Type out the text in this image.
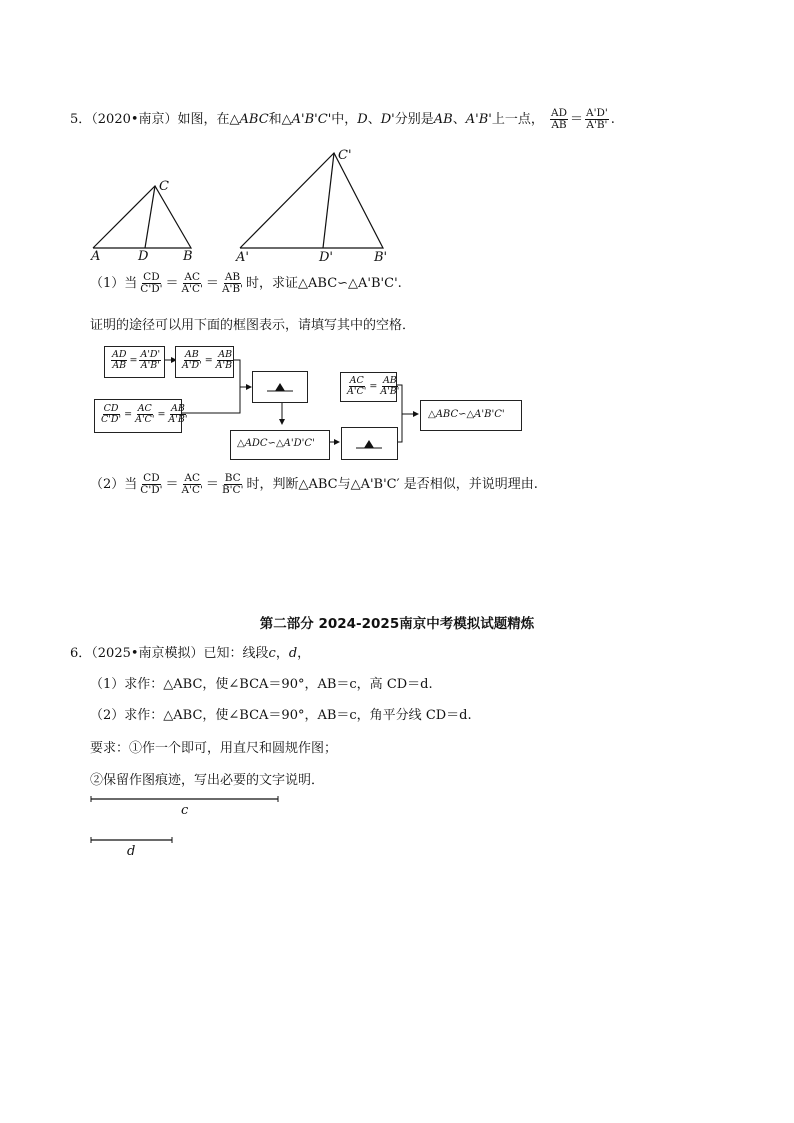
5．（2020•南京）如图，在△ABC和△A'B'C'中，D、D'分别是AB、A'B'上一点， $\frac{AD}{AB} = \frac{A'D'}{A'B'}$ .
A	D	B
C
A'	D'	B'
C'
（1）当 $\frac{CD}{C'D'} = \frac{AC}{A'C'} = \frac{AB}{A'B'}$ 时，求证△ABC∽△A'B'C'.
证明的途径可以用下面的框图表示，请填写其中的空格．
$\frac{AD}{AB} = \frac{A'D'}{A'B'} \frac{AB}{A'D'} = \frac{AB}{A'B'}$
$\frac{CD}{C'D'} = \frac{AC}{A'C'} = \frac{AB}{A'B'}$
△ADC∽△A'D'C'
$\frac{AC}{A'C'} = \frac{AB}{A'B'}$
△ABC∽△A'B'C'
（2）当 $\frac{CD}{C'D'} = \frac{AC}{A'C'} = \frac{BC}{B'C'}$ 时，判断△ABC与△A'B'C′ 是否相似，并说明理由.
第二部分 2024-2025南京中考模拟试题精炼
6．（2025•南京模拟）已知：线段c，d，
（1）求作：△ABC，使∠BCA＝90°，AB＝c，高 CD＝d.
（2）求作：△ABC，使∠BCA＝90°，AB＝c，角平分线 CD＝d.
要求：①作一个即可，用直尺和圆规作图；
②保留作图痕迹，写出必要的文字说明．
c
d
